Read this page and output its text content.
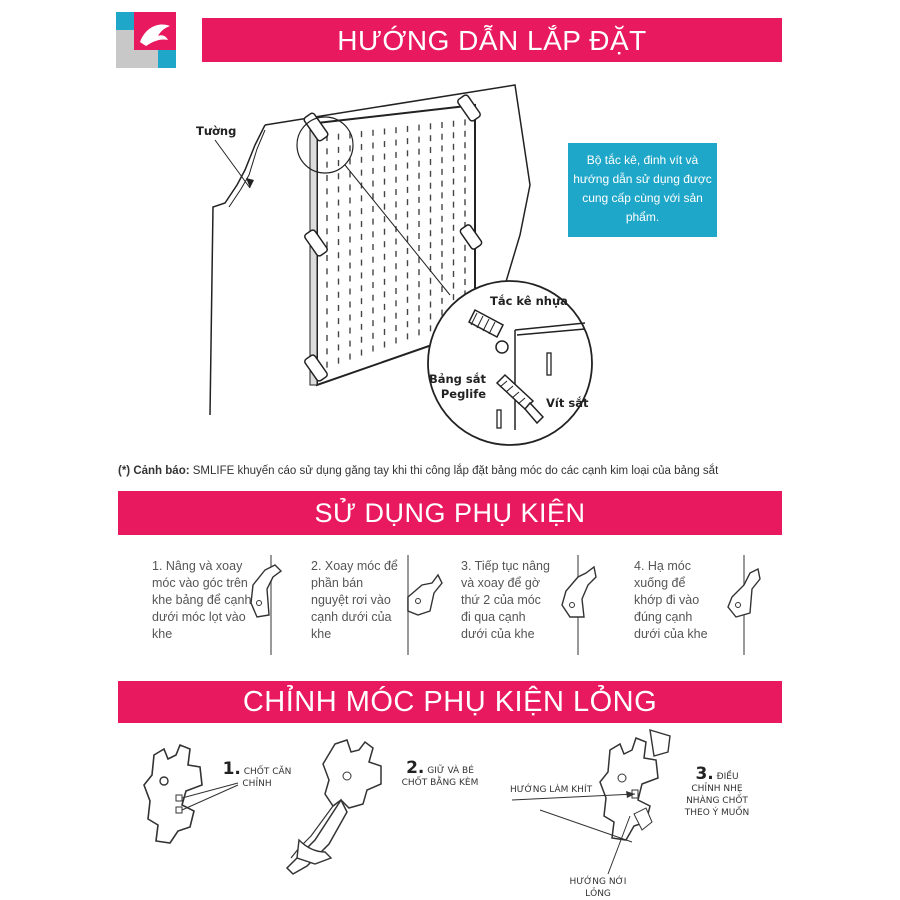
HƯỚNG DẪN LẮP ĐẶT
Tường
Bộ tắc kê, đinh vít và hướng dẫn sử dụng được cung cấp cùng với sản phẩm.
Tắc kê nhựa
Bảng sắt
Peglife
Vít sắt
(*) Cảnh báo: SMLIFE khuyến cáo sử dụng găng tay khi thi công lắp đặt bảng móc do các cạnh kim loại của bảng sắt
SỬ DỤNG PHỤ KIỆN
1. Nâng và xoay móc vào góc trên khe bảng để cạnh dưới móc lọt vào khe
2. Xoay móc để phần bán nguyệt rơi vào cạnh dưới của khe
3. Tiếp tục nâng và xoay để gờ thứ 2 của móc đi qua cạnh dưới của khe
4. Hạ móc xuống để khớp đi vào đúng cạnh dưới của khe
CHỈNH MÓC PHỤ KIỆN LỎNG
1. CHỐT CĂN CHỈNH
2. GIỮ VÀ BÉ CHỐT BẰNG KÈM	3. ĐIỀU CHỈNH NHẸ NHÀNG CHỐT THEO Ý MUỐN
HƯỚNG LÀM KHÍT
HƯỚNG NỚI LỎNG
